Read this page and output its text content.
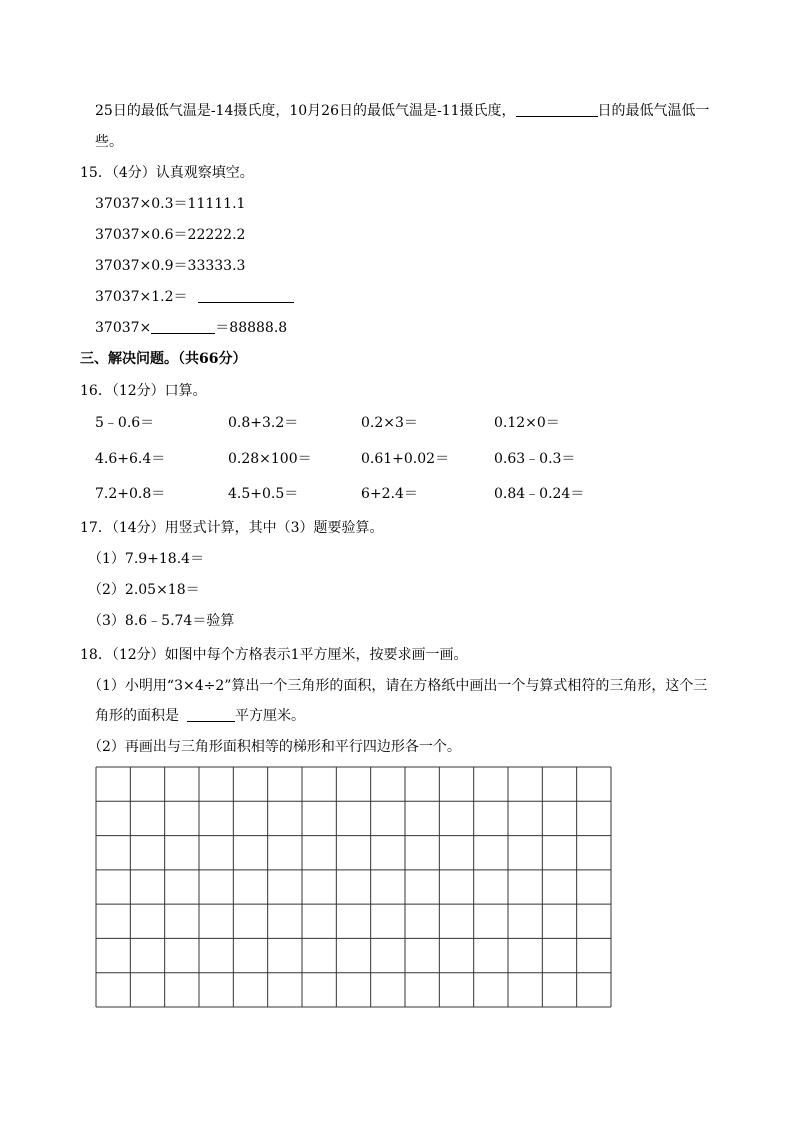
25日的最低气温是-14摄氏度，10月26日的最低气温是-11摄氏度，	日的最低气温低一
些。
15．（4分）认真观察填空。
37037×0.3＝11111.1
37037×0.6＝22222.2
37037×0.9＝33333.3
37037×1.2＝
37037×	＝88888.8
三、解决问题。（共66分）
16．（12分）口算。
5﹣0.6＝	0.8+3.2＝	0.2×3＝	0.12×0＝
4.6+6.4＝	0.28×100＝	0.61+0.02＝	0.63﹣0.3＝
7.2+0.8＝	4.5+0.5＝	6+2.4＝	0.84﹣0.24＝
17．（14分）用竖式计算，其中（3）题要验算。
（1）7.9+18.4＝
（2）2.05×18＝
（3）8.6﹣5.74＝验算
18．（12分）如图中每个方格表示1平方厘米，按要求画一画。
（1）小明用“3×4÷2”算出一个三角形的面积，请在方格纸中画出一个与算式相符的三角形，这个三
角形的面积是	平方厘米。
（2）再画出与三角形面积相等的梯形和平行四边形各一个。
